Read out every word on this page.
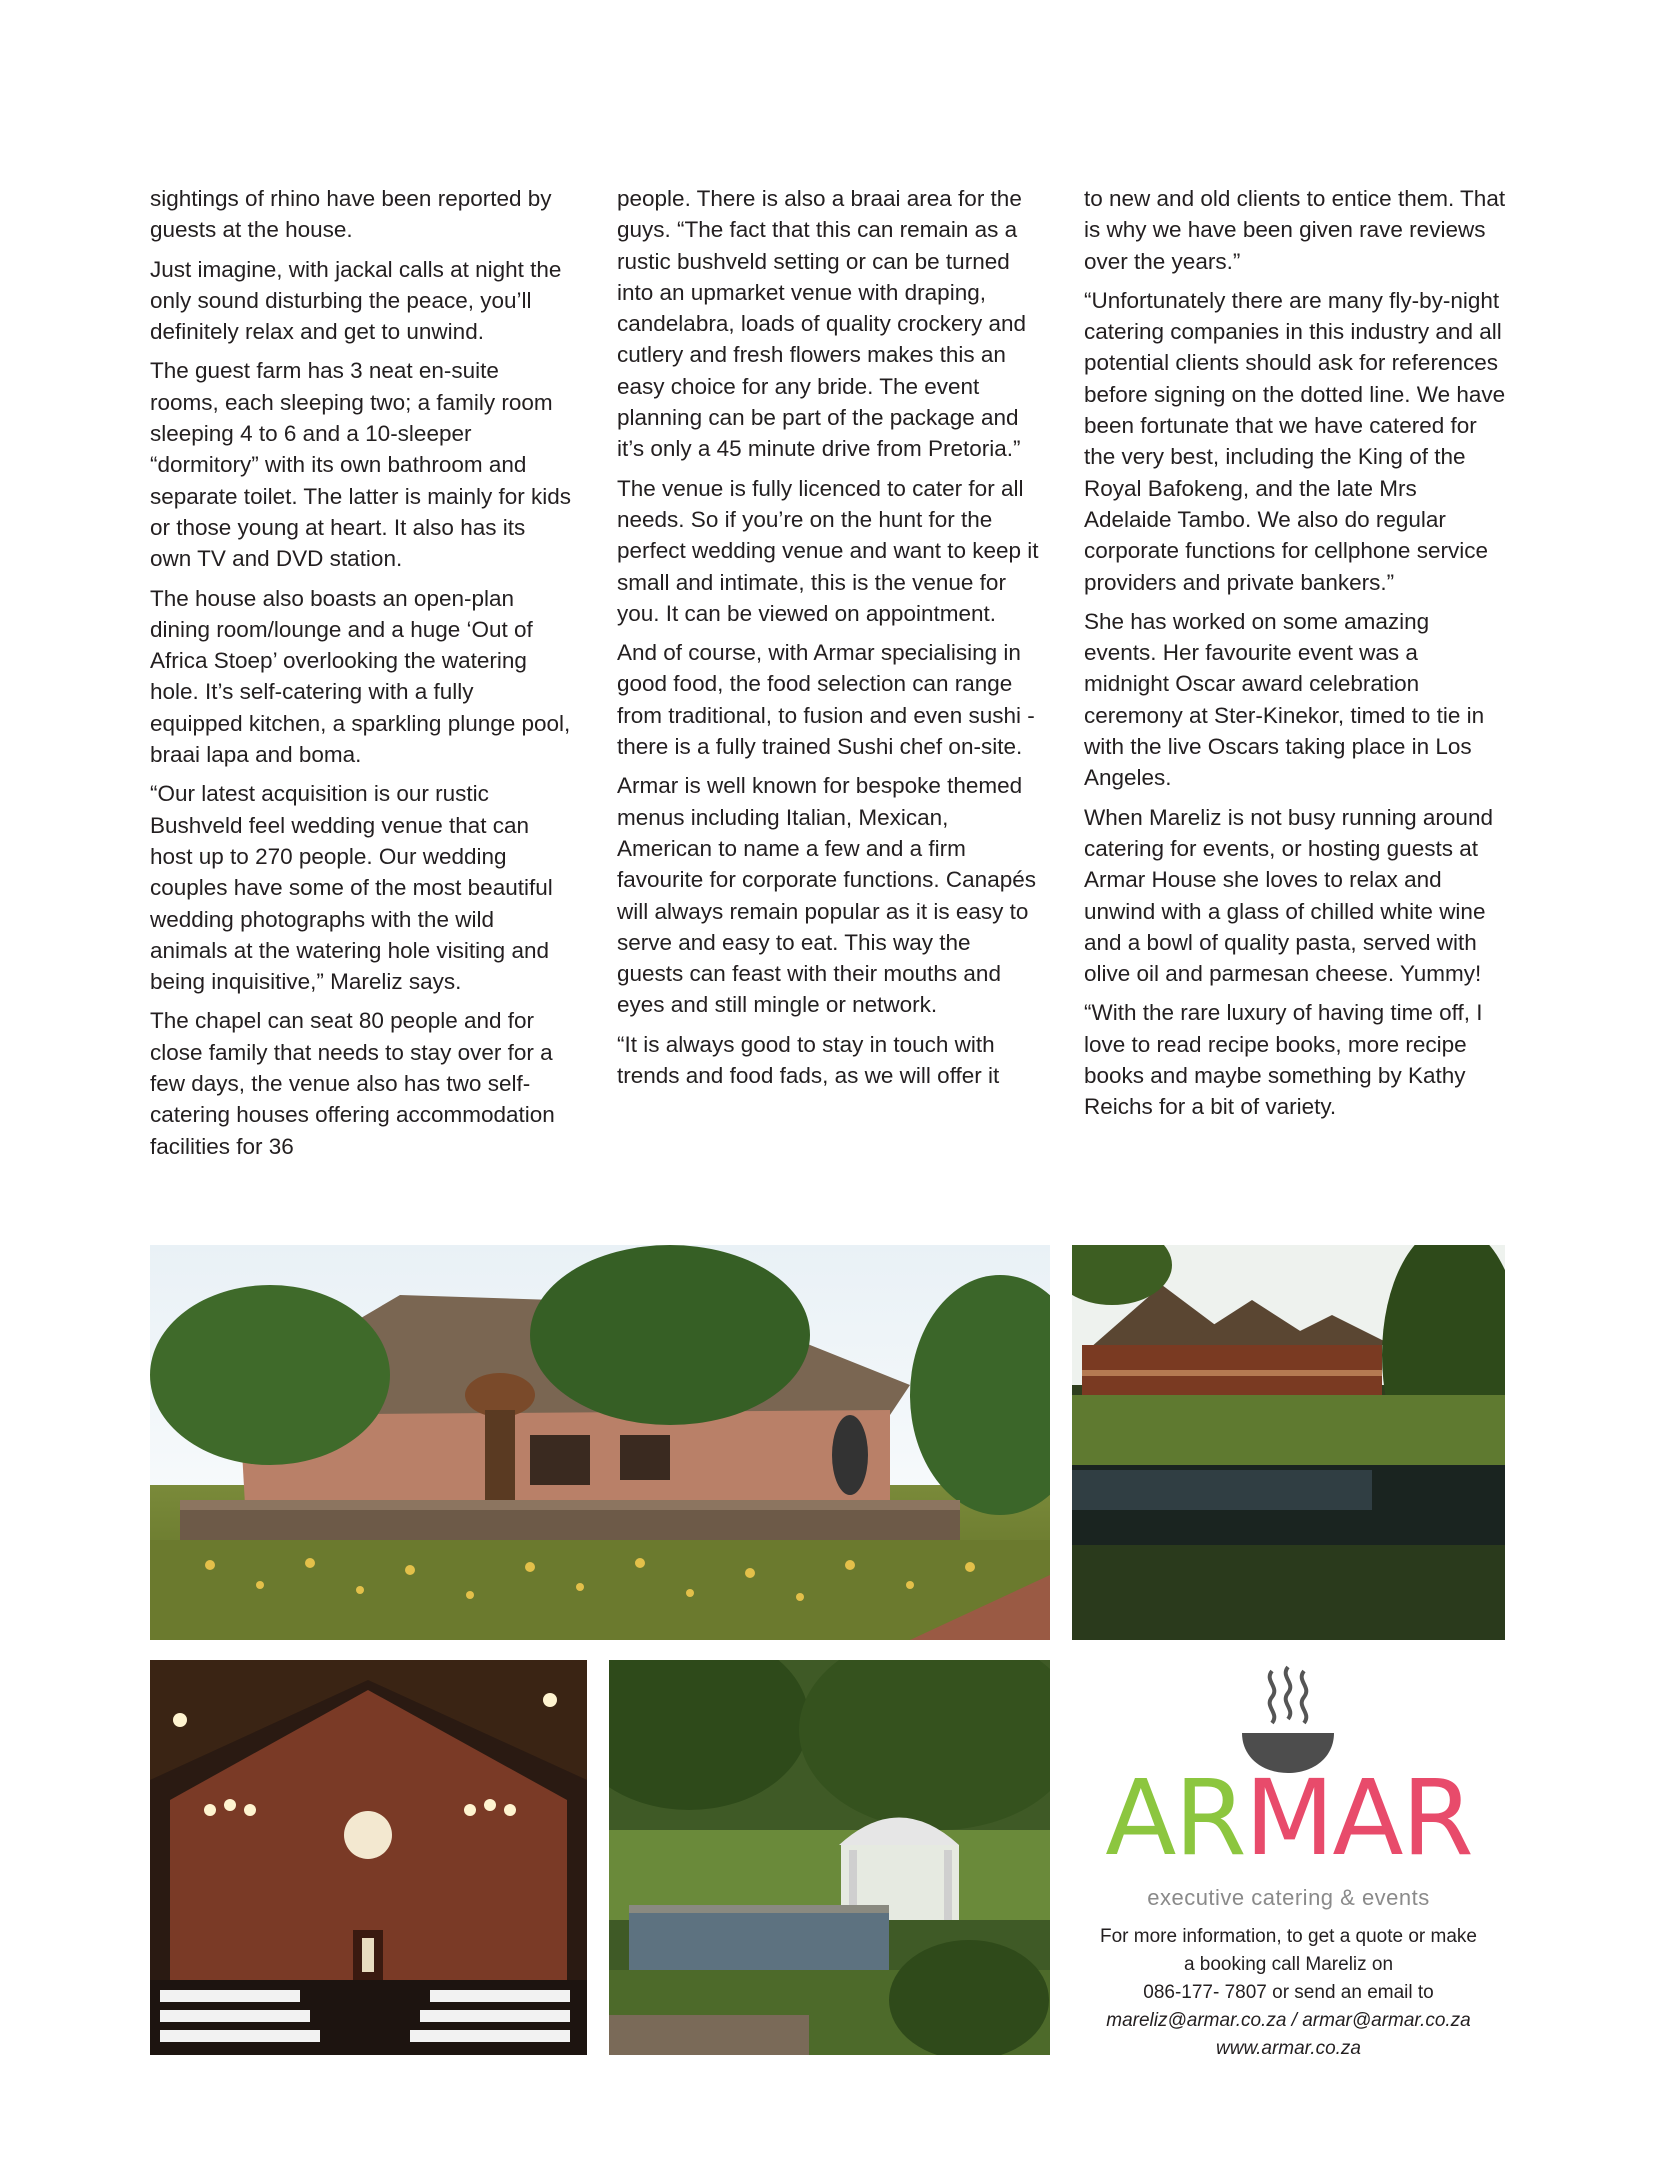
sightings of rhino have been reported by guests at the house.

Just imagine, with jackal calls at night the only sound disturbing the peace, you’ll definitely relax and get to unwind.

The guest farm has 3 neat en-suite rooms, each sleeping two; a family room sleeping 4 to 6 and a 10-sleeper “dormitory” with its own bathroom and separate toilet. The latter is mainly for kids or those young at heart. It also has its own TV and DVD station.

The house also boasts an open-plan dining room/lounge and a huge ‘Out of Africa Stoep’ overlooking the watering hole. It’s self-catering with a fully equipped kitchen, a sparkling plunge pool, braai lapa and boma.

“Our latest acquisition is our rustic Bushveld feel wedding venue that can host up to 270 people. Our wedding couples have some of the most beautiful wedding photographs with the wild animals at the watering hole visiting and being inquisitive,” Mareliz says.

The chapel can seat 80 people and for close family that needs to stay over for a few days, the venue also has two self-catering houses offering accommodation facilities for 36

people. There is also a braai area for the guys. “The fact that this can remain as a rustic bushveld setting or can be turned into an upmarket venue with draping, candelabra, loads of quality crockery and cutlery and fresh flowers makes this an easy choice for any bride. The event planning can be part of the package and it’s only a 45 minute drive from Pretoria.”

The venue is fully licenced to cater for all needs. So if you’re on the hunt for the perfect wedding venue and want to keep it small and intimate, this is the venue for you. It can be viewed on appointment.

And of course, with Armar specialising in good food, the food selection can range from traditional, to fusion and even sushi - there is a fully trained Sushi chef on-site.

Armar is well known for bespoke themed menus including Italian, Mexican, American to name a few and a firm favourite for corporate functions. Canapés will always remain popular as it is easy to serve and easy to eat. This way the guests can feast with their mouths and eyes and still mingle or network.

“It is always good to stay in touch with trends and food fads, as we will offer it

to new and old clients to entice them. That is why we have been given rave reviews over the years.”

“Unfortunately there are many fly-by-night catering companies in this industry and all potential clients should ask for references before signing on the dotted line. We have been fortunate that we have catered for the very best, including the King of the Royal Bafokeng, and the late Mrs Adelaide Tambo. We also do regular corporate functions for cellphone service providers and private bankers.”

She has worked on some amazing events. Her favourite event was a midnight Oscar award celebration ceremony at Ster-Kinekor, timed to tie in with the live Oscars taking place in Los Angeles.

When Mareliz is not busy running around catering for events, or hosting guests at Armar House she loves to relax and unwind with a glass of chilled white wine and a bowl of quality pasta, served with olive oil and parmesan cheese. Yummy!

“With the rare luxury of having time off, I love to read recipe books, more recipe books and maybe something by Kathy Reichs for a bit of variety.

ARMAR
executive catering & events
For more information, to get a quote or make
a booking call Mareliz on
086-177- 7807 or send an email to
mareliz@armar.co.za / armar@armar.co.za
www.armar.co.za
